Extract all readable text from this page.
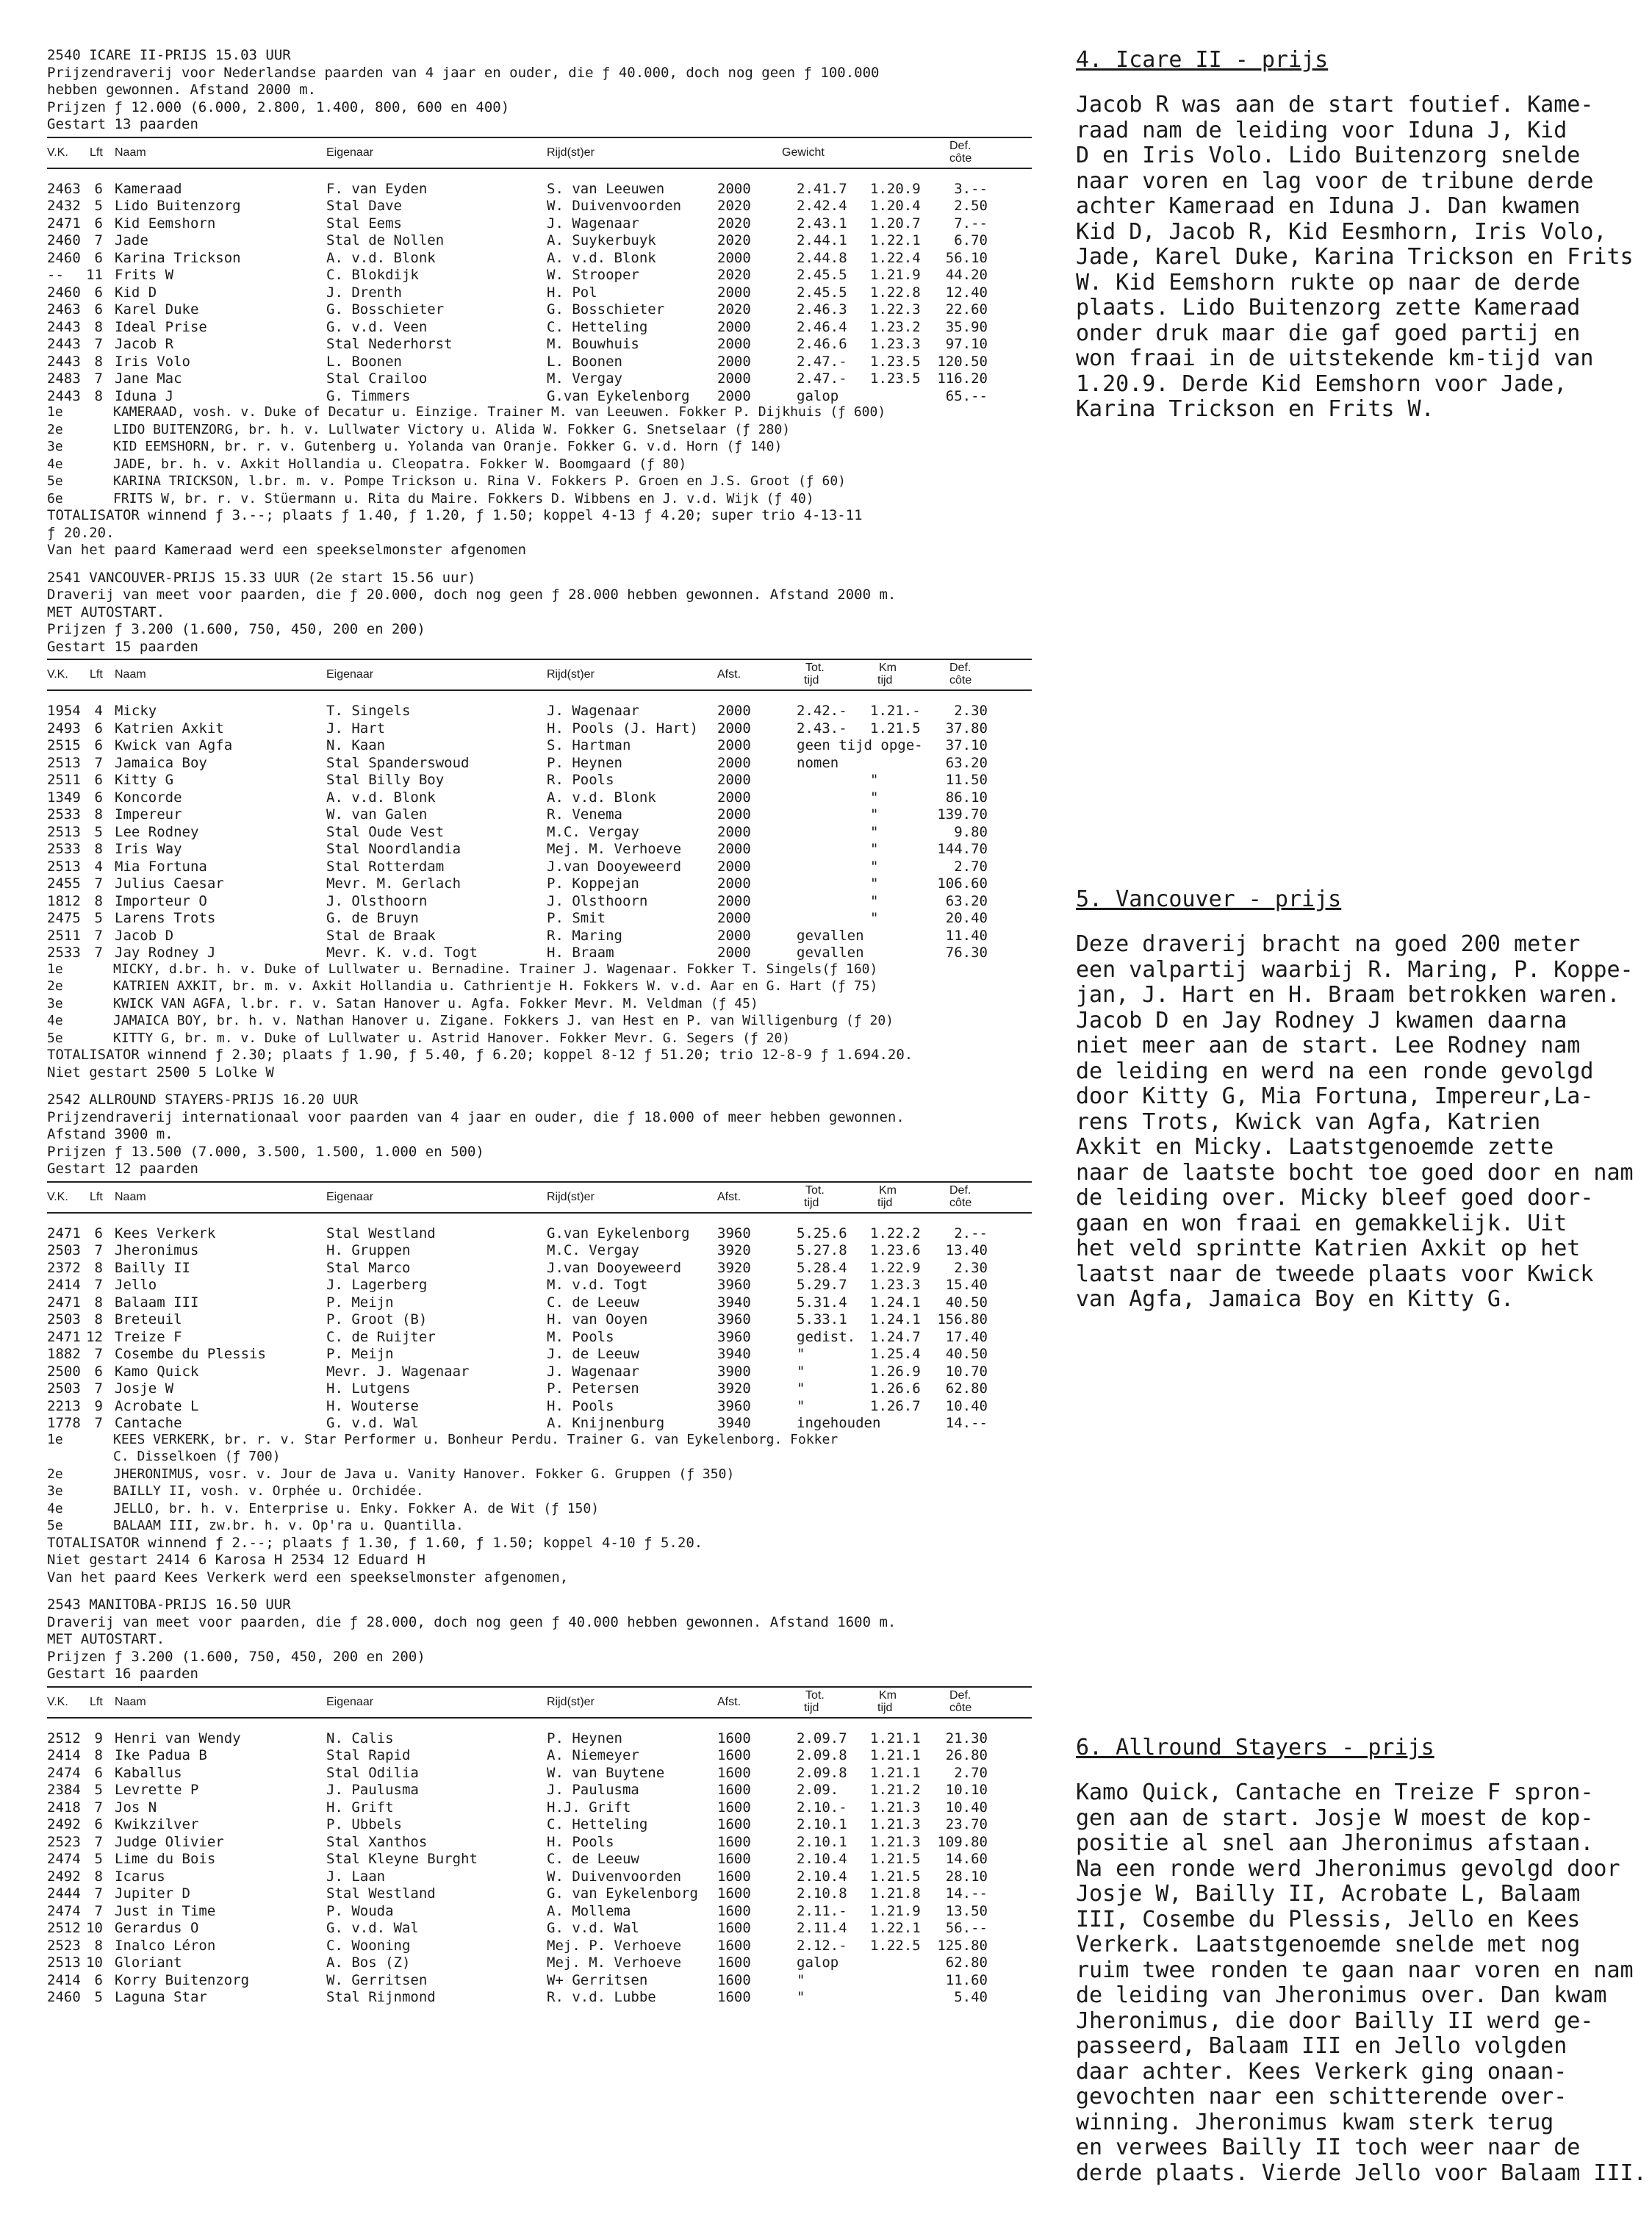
2540 ICARE II-PRIJS 15.03 UUR
Prijzendraverij voor Nederlandse paarden van 4 jaar en ouder, die ƒ 40.000, doch nog geen ƒ 100.000
hebben gewonnen. Afstand 2000 m.
Prijzen ƒ 12.000 (6.000, 2.800, 1.400, 800, 600 en 400)
Gestart 13 paarden
V.K. Lft Naam	Eigenaar	Rijd(st)er	Gewicht
Def.
côte
2463 6 Kameraad	F. van Eyden	S. van Leeuwen	2000	2.41.7 1.20.9 3.--
2432 5 Lido Buitenzorg	Stal Dave	W. Duivenvoorden	2020	2.42.4 1.20.4 2.50
2471 6 Kid Eemshorn	Stal Eems	J. Wagenaar	2020	2.43.1 1.20.7 7.--
2460 7 Jade	Stal de Nollen	A. Suykerbuyk	2020	2.44.1 1.22.1 6.70
2460 6 Karina Trickson	A. v.d. Blonk	A. v.d. Blonk	2000	2.44.8 1.22.4 56.10
-- 11 Frits W	C. Blokdijk	W. Strooper	2020	2.45.5 1.21.9 44.20
2460 6 Kid D	J. Drenth	H. Pol	2000	2.45.5 1.22.8 12.40
2463 6 Karel Duke	G. Bosschieter	G. Bosschieter	2020	2.46.3 1.22.3 22.60
2443 8 Ideal Prise	G. v.d. Veen	C. Hetteling	2000	2.46.4 1.23.2 35.90
2443 7 Jacob R	Stal Nederhorst	M. Bouwhuis	2000	2.46.6 1.23.3 97.10
2443 8 Iris Volo	L. Boonen	L. Boonen	2000	2.47.- 1.23.5 120.50
2483 7 Jane Mac	Stal Crailoo	M. Vergay	2000	2.47.- 1.23.5 116.20
2443 8 Iduna J	G. Timmers	G.van Eykelenborg 2000	galop	65.--
1e	KAMERAAD, vosh. v. Duke of Decatur u. Einzige. Trainer M. van Leeuwen. Fokker P. Dijkhuis (ƒ 600)
2e	LIDO BUITENZORG, br. h. v. Lullwater Victory u. Alida W. Fokker G. Snetselaar (ƒ 280)
3e	KID EEMSHORN, br. r. v. Gutenberg u. Yolanda van Oranje. Fokker G. v.d. Horn (ƒ 140)
4e	JADE, br. h. v. Axkit Hollandia u. Cleopatra. Fokker W. Boomgaard (ƒ 80)
5e	KARINA TRICKSON, l.br. m. v. Pompe Trickson u. Rina V. Fokkers P. Groen en J.S. Groot (ƒ 60)
6e	FRITS W, br. r. v. Stüermann u. Rita du Maire. Fokkers D. Wibbens en J. v.d. Wijk (ƒ 40)
TOTALISATOR winnend ƒ 3.--; plaats ƒ 1.40, ƒ 1.20, ƒ 1.50; koppel 4-13 ƒ 4.20; super trio 4-13-11
ƒ 20.20.
Van het paard Kameraad werd een speekselmonster afgenomen
2541 VANCOUVER-PRIJS 15.33 UUR (2e start 15.56 uur)
Draverij van meet voor paarden, die ƒ 20.000, doch nog geen ƒ 28.000 hebben gewonnen. Afstand 2000 m.
MET AUTOSTART.
Prijzen ƒ 3.200 (1.600, 750, 450, 200 en 200)
Gestart 15 paarden
V.K. Lft Naam	Eigenaar	Rijd(st)er	Afst.
Tot.
tijd
Km
tijd
Def.
côte
1954 4 Micky	T. Singels	J. Wagenaar	2000	2.42.- 1.21.- 2.30
2493 6 Katrien Axkit	J. Hart	H. Pools (J. Hart) 2000	2.43.- 1.21.5 37.80
2515 6 Kwick van Agfa	N. Kaan	S. Hartman	2000	geen tijd opge- 37.10
2513 7 Jamaica Boy	Stal Spanderswoud	P. Heynen	2000	nomen	63.20
2511 6 Kitty G	Stal Billy Boy	R. Pools	2000	"	11.50
1349 6 Koncorde	A. v.d. Blonk	A. v.d. Blonk	2000	"	86.10
2533 8 Impereur	W. van Galen	R. Venema	2000	"	139.70
2513 5 Lee Rodney	Stal Oude Vest	M.C. Vergay	2000	"	9.80
2533 8 Iris Way	Stal Noordlandia	Mej. M. Verhoeve	2000	"	144.70
2513 4 Mia Fortuna	Stal Rotterdam	J.van Dooyeweerd	2000	"	2.70
2455 7 Julius Caesar	Mevr. M. Gerlach	P. Koppejan	2000	"	106.60
1812 8 Importeur O	J. Olsthoorn	J. Olsthoorn	2000	"	63.20
2475 5 Larens Trots	G. de Bruyn	P. Smit	2000	"	20.40
2511 7 Jacob D	Stal de Braak	R. Maring	2000	gevallen	11.40
2533 7 Jay Rodney J	Mevr. K. v.d. Togt	H. Braam	2000	gevallen	76.30
1e	MICKY, d.br. h. v. Duke of Lullwater u. Bernadine. Trainer J. Wagenaar. Fokker T. Singels(ƒ 160)
2e	KATRIEN AXKIT, br. m. v. Axkit Hollandia u. Cathrientje H. Fokkers W. v.d. Aar en G. Hart (ƒ 75)
3e	KWICK VAN AGFA, l.br. r. v. Satan Hanover u. Agfa. Fokker Mevr. M. Veldman (ƒ 45)
4e	JAMAICA BOY, br. h. v. Nathan Hanover u. Zigane. Fokkers J. van Hest en P. van Willigenburg (ƒ 20)
5e	KITTY G, br. m. v. Duke of Lullwater u. Astrid Hanover. Fokker Mevr. G. Segers (ƒ 20)
TOTALISATOR winnend ƒ 2.30; plaats ƒ 1.90, ƒ 5.40, ƒ 6.20; koppel 8-12 ƒ 51.20; trio 12-8-9 ƒ 1.694.20.
Niet gestart 2500 5 Lolke W
2542 ALLROUND STAYERS-PRIJS 16.20 UUR
Prijzendraverij internationaal voor paarden van 4 jaar en ouder, die ƒ 18.000 of meer hebben gewonnen.
Afstand 3900 m.
Prijzen ƒ 13.500 (7.000, 3.500, 1.500, 1.000 en 500)
Gestart 12 paarden
V.K. Lft Naam	Eigenaar	Rijd(st)er	Afst.
Tot.
tijd
Km
tijd
Def.
côte
2471 6 Kees Verkerk	Stal Westland	G.van Eykelenborg 3960	5.25.6 1.22.2 2.--
2503 7 Jheronimus	H. Gruppen	M.C. Vergay	3920	5.27.8 1.23.6 13.40
2372 8 Bailly II	Stal Marco	J.van Dooyeweerd	3920	5.28.4 1.22.9 2.30
2414 7 Jello	J. Lagerberg	M. v.d. Togt	3960	5.29.7 1.23.3 15.40
2471 8 Balaam III	P. Meijn	C. de Leeuw	3940	5.31.4 1.24.1 40.50
2503 8 Breteuil	P. Groot (B)	H. van Ooyen	3960	5.33.1 1.24.1 156.80
2471 12 Treize F	C. de Ruijter	M. Pools	3960	gedist. 1.24.7 17.40
1882 7 Cosembe du Plessis	P. Meijn	J. de Leeuw	3940	"	1.25.4 40.50
2500 6 Kamo Quick	Mevr. J. Wagenaar	J. Wagenaar	3900	"	1.26.9 10.70
2503 7 Josje W	H. Lutgens	P. Petersen	3920	"	1.26.6 62.80
2213 9 Acrobate L	H. Wouterse	H. Pools	3960	"	1.26.7 10.40
1778 7 Cantache	G. v.d. Wal	A. Knijnenburg	3940	ingehouden	14.--
1e	KEES VERKERK, br. r. v. Star Performer u. Bonheur Perdu. Trainer G. van Eykelenborg. Fokker
C. Disselkoen (ƒ 700)
2e	JHERONIMUS, vosr. v. Jour de Java u. Vanity Hanover. Fokker G. Gruppen (ƒ 350)
3e	BAILLY II, vosh. v. Orphée u. Orchidée.
4e	JELLO, br. h. v. Enterprise u. Enky. Fokker A. de Wit (ƒ 150)
5e	BALAAM III, zw.br. h. v. Op'ra u. Quantilla.
TOTALISATOR winnend ƒ 2.--; plaats ƒ 1.30, ƒ 1.60, ƒ 1.50; koppel 4-10 ƒ 5.20.
Niet gestart 2414 6 Karosa H 2534 12 Eduard H
Van het paard Kees Verkerk werd een speekselmonster afgenomen,
2543 MANITOBA-PRIJS 16.50 UUR
Draverij van meet voor paarden, die ƒ 28.000, doch nog geen ƒ 40.000 hebben gewonnen. Afstand 1600 m.
MET AUTOSTART.
Prijzen ƒ 3.200 (1.600, 750, 450, 200 en 200)
Gestart 16 paarden
V.K. Lft Naam	Eigenaar	Rijd(st)er	Afst.
Tot.
tijd
Km
tijd
Def.
côte
2512 9 Henri van Wendy	N. Calis	P. Heynen	1600	2.09.7 1.21.1 21.30
2414 8 Ike Padua B	Stal Rapid	A. Niemeyer	1600	2.09.8 1.21.1 26.80
2474 6 Kaballus	Stal Odilia	W. van Buytene	1600	2.09.8 1.21.1 2.70
2384 5 Levrette P	J. Paulusma	J. Paulusma	1600	2.09. 1.21.2 10.10
2418 7 Jos N	H. Grift	H.J. Grift	1600	2.10.- 1.21.3 10.40
2492 6 Kwikzilver	P. Ubbels	C. Hetteling	1600	2.10.1 1.21.3 23.70
2523 7 Judge Olivier	Stal Xanthos	H. Pools	1600	2.10.1 1.21.3 109.80
2474 5 Lime du Bois	Stal Kleyne Burght	C. de Leeuw	1600	2.10.4 1.21.5 14.60
2492 8 Icarus	J. Laan	W. Duivenvoorden	1600	2.10.4 1.21.5 28.10
2444 7 Jupiter D	Stal Westland	G. van Eykelenborg 1600	2.10.8 1.21.8 14.--
2474 7 Just in Time	P. Wouda	A. Mollema	1600	2.11.- 1.21.9 13.50
2512 10 Gerardus O	G. v.d. Wal	G. v.d. Wal	1600	2.11.4 1.22.1 56.--
2523 8 Inalco Léron	C. Wooning	Mej. P. Verhoeve	1600	2.12.- 1.22.5 125.80
2513 10 Gloriant	A. Bos (Z)	Mej. M. Verhoeve	1600	galop	62.80
2414 6 Korry Buitenzorg	W. Gerritsen	W+ Gerritsen	1600	"	11.60
2460 5 Laguna Star	Stal Rijnmond	R. v.d. Lubbe	1600	"	5.40
4. Icare II - prijs
Jacob R was aan de start foutief. Kame-
raad nam de leiding voor Iduna J, Kid
D en Iris Volo. Lido Buitenzorg snelde
naar voren en lag voor de tribune derde
achter Kameraad en Iduna J. Dan kwamen
Kid D, Jacob R, Kid Eesmhorn, Iris Volo,
Jade, Karel Duke, Karina Trickson en Frits
W. Kid Eemshorn rukte op naar de derde
plaats. Lido Buitenzorg zette Kameraad
onder druk maar die gaf goed partij en
won fraai in de uitstekende km-tijd van
1.20.9. Derde Kid Eemshorn voor Jade,
Karina Trickson en Frits W.
5. Vancouver - prijs
Deze draverij bracht na goed 200 meter
een valpartij waarbij R. Maring, P. Koppe-
jan, J. Hart en H. Braam betrokken waren.
Jacob D en Jay Rodney J kwamen daarna
niet meer aan de start. Lee Rodney nam
de leiding en werd na een ronde gevolgd
door Kitty G, Mia Fortuna, Impereur,La-
rens Trots, Kwick van Agfa, Katrien
Axkit en Micky. Laatstgenoemde zette
naar de laatste bocht toe goed door en nam
de leiding over. Micky bleef goed door-
gaan en won fraai en gemakkelijk. Uit
het veld sprintte Katrien Axkit op het
laatst naar de tweede plaats voor Kwick
van Agfa, Jamaica Boy en Kitty G.
6. Allround Stayers - prijs
Kamo Quick, Cantache en Treize F spron-
gen aan de start. Josje W moest de kop-
positie al snel aan Jheronimus afstaan.
Na een ronde werd Jheronimus gevolgd door
Josje W, Bailly II, Acrobate L, Balaam
III, Cosembe du Plessis, Jello en Kees
Verkerk. Laatstgenoemde snelde met nog
ruim twee ronden te gaan naar voren en nam
de leiding van Jheronimus over. Dan kwam
Jheronimus, die door Bailly II werd ge-
passeerd, Balaam III en Jello volgden
daar achter. Kees Verkerk ging onaan-
gevochten naar een schitterende over-
winning. Jheronimus kwam sterk terug
en verwees Bailly II toch weer naar de
derde plaats. Vierde Jello voor Balaam III.
